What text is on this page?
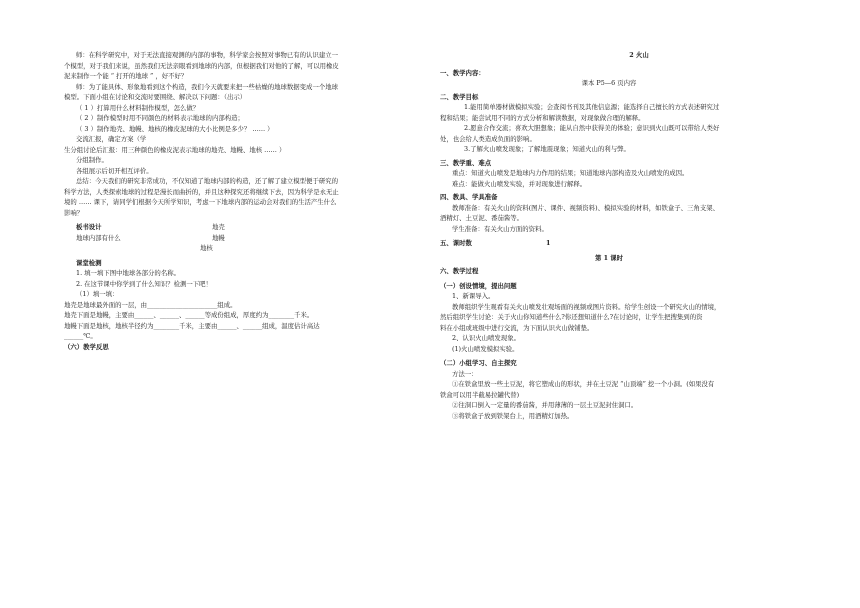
师：在科学研究中，对于无法直接观测的内部的事物，科学家会按照对事物已有的认识建立一

个模型，对于我们来说，虽然我们无法亲眼看到地球的内部，但根据我们对他的了解，可以用橡皮

泥来制作一个能 “ 打开的地球 ” ，好不好？

师：为了能具体、形象地看到这个构造，我们今天就要来把一些枯燥的地球数据变成一个地球

模型。下面小组在讨论和交流时要围绕、解决以下问题：（出示）

（ 1 ）打算用什么材料制作模型，怎么做？

（ 2 ）制作模型时用不同颜色的材料表示地球的内部构造；

（ 3 ）制作地壳、地幔、地核的橡皮泥球的大小比例是多少？ …… ）

交流汇报，确定方案（学

生分组讨论后汇报：用三种颜色的橡皮泥表示地球的地壳、地幔、地核 …… ）

分组制作。

各组展示后切开相互评价。

总结：今天我们的研究非常成功，不仅知道了地球内部的构造，还了解了建立模型便于研究的

科学方法，人类探索地球的过程是漫长而曲折的，并且这种探究还将继续下去，因为科学是永无止

境的 …… 课下，请同学们根据今天所学知识，考虑一下地球内部的运动会对我们的生活产生什么

影响？

板书设计	地壳

地球内部有什么	地幔

地核

课堂检测

1. 填一填下图中地球各部分的名称。

2. 在这节课中你学到了什么知识？检测一下吧！

（1）填一填：

地壳是地球最外面的一层，由______________________组成。

地壳下面是地幔，主要由______、______、______等成份组成，厚度约为________千米。

地幔下面是地核，地核半径约为________千米，主要由______、______组成，温度估计高达

______℃。

（六）教学反思

2 火山

一、教学内容：

课本 P5—6 页内容

二、教学目标

1.能用简单器材做模拟实验；会查阅书刊及其他信息源；能选择自己擅长的方式表述研究过

程和结果；能尝试用不同的方式分析和解读数据，对现象做合理的解释。

2.愿意合作交流；喜欢大胆想象；能从自然中获得美的体验；意识到火山既可以带给人类好

处，也会给人类造成负面的影响。

3.了解火山喷发现象；了解地震现象；知道火山的利与弊。

三、教学重、难点

重点：知道火山喷发是地球内力作用的结果；知道地球内部构造及火山喷发的成因。

难点：能做火山喷发实验，并对现象进行解释。

四、教具、学具准备

教师准备：有关火山的资料(图片、课件、视频资料)、模拟实验的材料，如铁盒子、三角支架、

酒精灯、土豆泥、番茄酱等。

学生准备：有关火山方面的资料。

五、课时数	1

第 1 课时

六、教学过程

（一）创设情境，提出问题

1、新课导入。

教师组织学生观看有关火山喷发壮观场面的视频或图片资料。给学生创设一个研究火山的情境，

然后组织学生讨论：关于火山你知道些什么?你还想知道什么?在讨论时，让学生把搜集到的资

料在小组或班级中进行交流，为下面认识火山做铺垫。

2、认识火山喷发现象。

(1)火山喷发模拟实验。

（二）小组学习、自主探究

方法一：

①在铁盒里放一些土豆泥，将它塑成山的形状，并在土豆泥 “山顶端” 挖一个小洞。(如果没有

铁盒可以用半截易拉罐代替)

②往洞口倒入一定量的番茄酱，并用薄薄的一层土豆泥封住洞口。

③将铁盒子放到铁架台上，用酒精灯加热。
